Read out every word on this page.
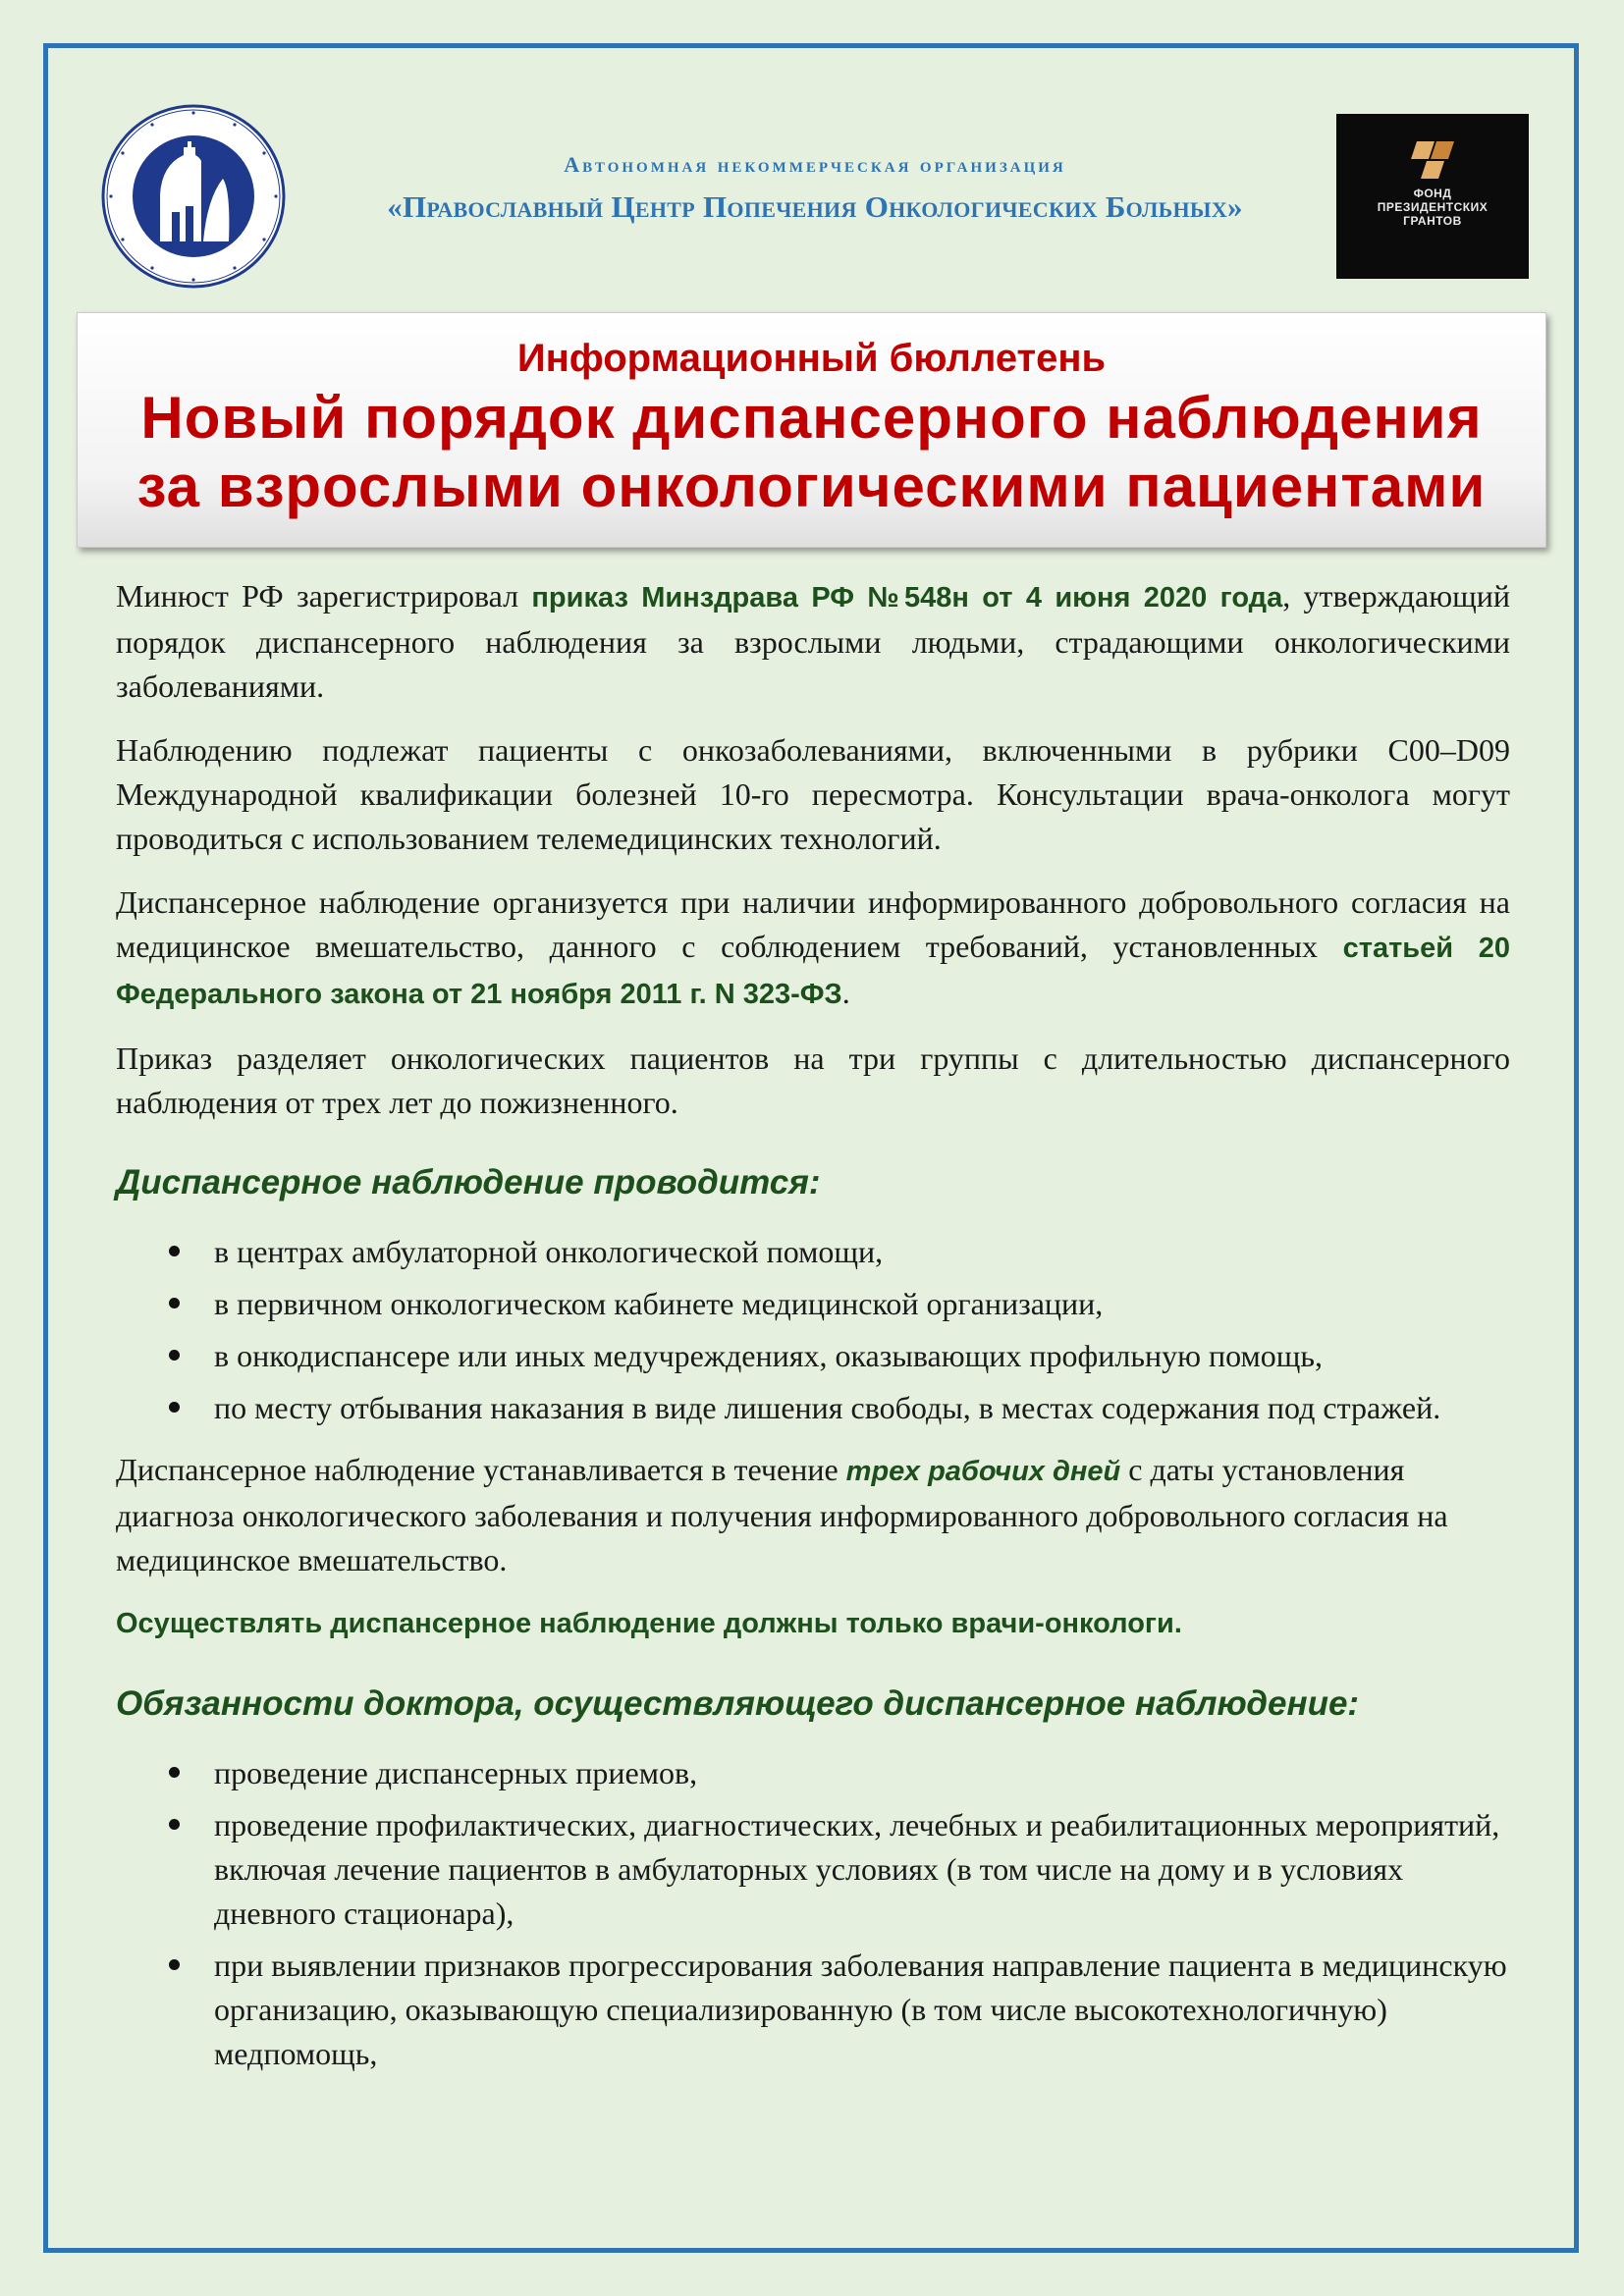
Автономная некоммерческая организация
«Православный Центр Попечения Онкологических Больных»	ФОНД
ПРЕЗИДЕНТСКИХ
ГРАНТОВ
Информационный бюллетень
Новый порядок диспансерного наблюдения
за взрослыми онкологическими пациентами

Минюст РФ зарегистрировал приказ Минздрава РФ №548н от 4 июня 2020 года, утверждающий порядок диспансерного наблюдения за взрослыми людьми, страдающими онкологическими заболеваниями.

Наблюдению подлежат пациенты с онкозаболеваниями, включенными в рубрики C00–D09 Международной квалификации болезней 10-го пересмотра. Консультации врача-онколога могут проводиться с использованием телемедицинских технологий.

Диспансерное наблюдение организуется при наличии информированного добровольного согласия на медицинское вмешательство, данного с соблюдением требований, установленных статьей 20 Федерального закона от 21 ноября 2011 г. N 323-ФЗ.

Приказ разделяет онкологических пациентов на три группы с длительностью диспансерного наблюдения от трех лет до пожизненного.

Диспансерное наблюдение проводится:
в центрах амбулаторной онкологической помощи,
в первичном онкологическом кабинете медицинской организации,
в онкодиспансере или иных медучреждениях, оказывающих профильную помощь,
по месту отбывания наказания в виде лишения свободы, в местах содержания под стражей.

Диспансерное наблюдение устанавливается в течение трех рабочих дней с даты установления диагноза онкологического заболевания и получения информированного добровольного согласия на медицинское вмешательство.

Осуществлять диспансерное наблюдение должны только врачи-онкологи.
Обязанности доктора, осуществляющего диспансерное наблюдение:
проведение диспансерных приемов,
проведение профилактических, диагностических, лечебных и реабилитационных мероприятий, включая лечение пациентов в амбулаторных условиях (в том числе на дому и в условиях дневного стационара),
при выявлении признаков прогрессирования заболевания направление пациента в медицинскую организацию, оказывающую специализированную (в том числе высокотехнологичную) медпомощь,
